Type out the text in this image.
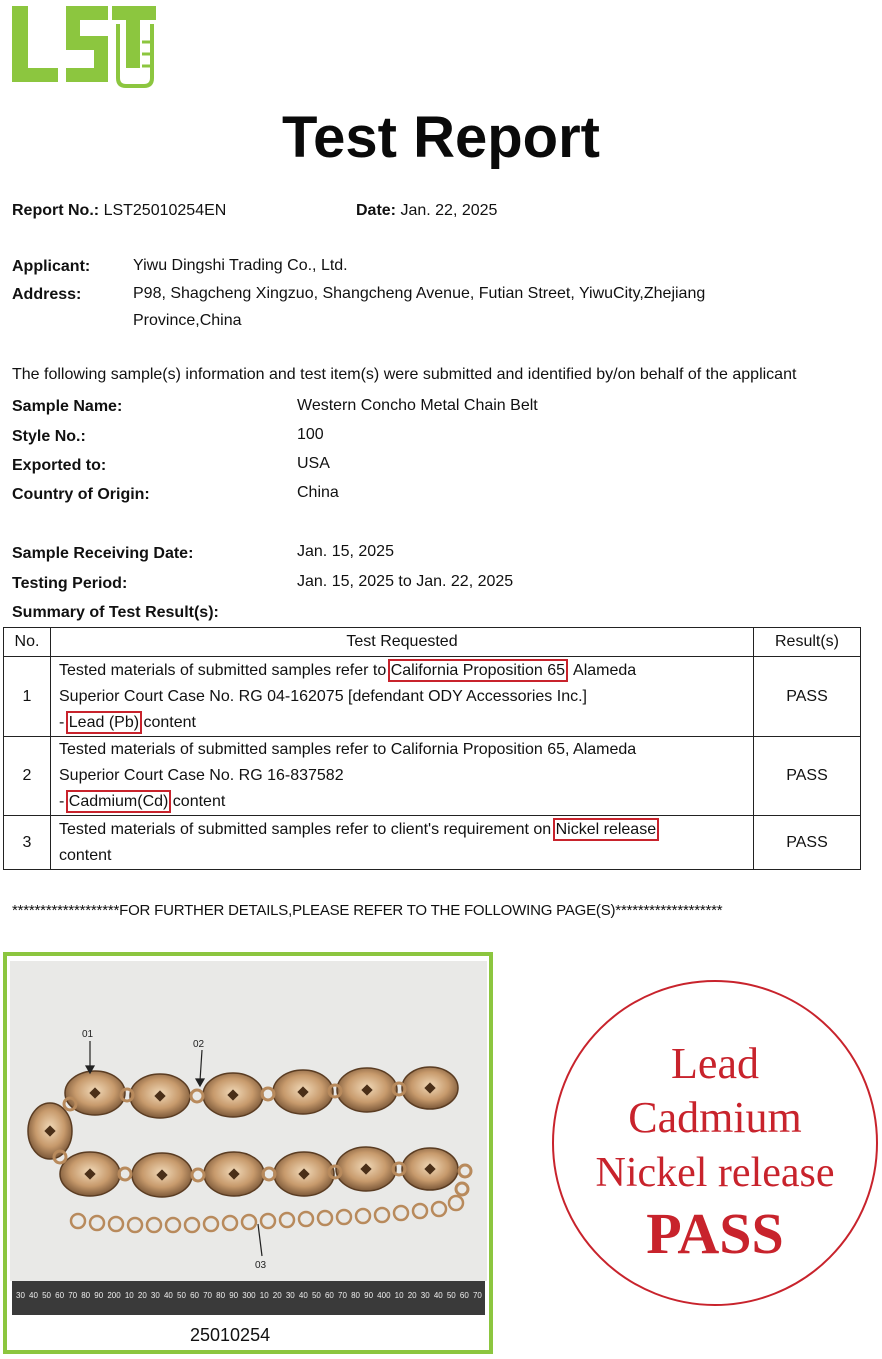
Test Report
Report No.: LST25010254EN	Date: Jan. 22, 2025
Applicant:	Yiwu Dingshi Trading Co., Ltd.
Address:	P98, Shagcheng Xingzuo, Shangcheng Avenue, Futian Street, YiwuCity,Zhejiang
Province,China
The following sample(s) information and test item(s) were submitted and identified by/on behalf of the applicant
Sample Name:	Western Concho Metal Chain Belt
Style No.:	100
Exported to:	USA
Country of Origin:	China
Sample Receiving Date:	Jan. 15, 2025
Testing Period:	Jan. 15, 2025 to Jan. 22, 2025
Summary of Test Result(s):
No.	Test Requested	Result(s)
1	Tested materials of submitted samples refer to California Proposition 65, Alameda
Superior Court Case No. RG 04-162075 [defendant ODY Accessories Inc.]
- Lead (Pb) content	PASS
2	Tested materials of submitted samples refer to California Proposition 65, Alameda
Superior Court Case No. RG 16-837582
- Cadmium(Cd) content	PASS
3	Tested materials of submitted samples refer to client's requirement on Nickel release
content	PASS
*******************FOR FURTHER DETAILS,PLEASE REFER TO THE FOLLOWING PAGE(S)*******************
01
02
03
30 40 50 60 70 80 90 200 10 20 30 40 50 60 70 80 90 300 10 20 30 40 50 60 70 80 90 400 10 20 30 40 50 60 70
25010254
Lead
Cadmium
Nickel release
PASS
